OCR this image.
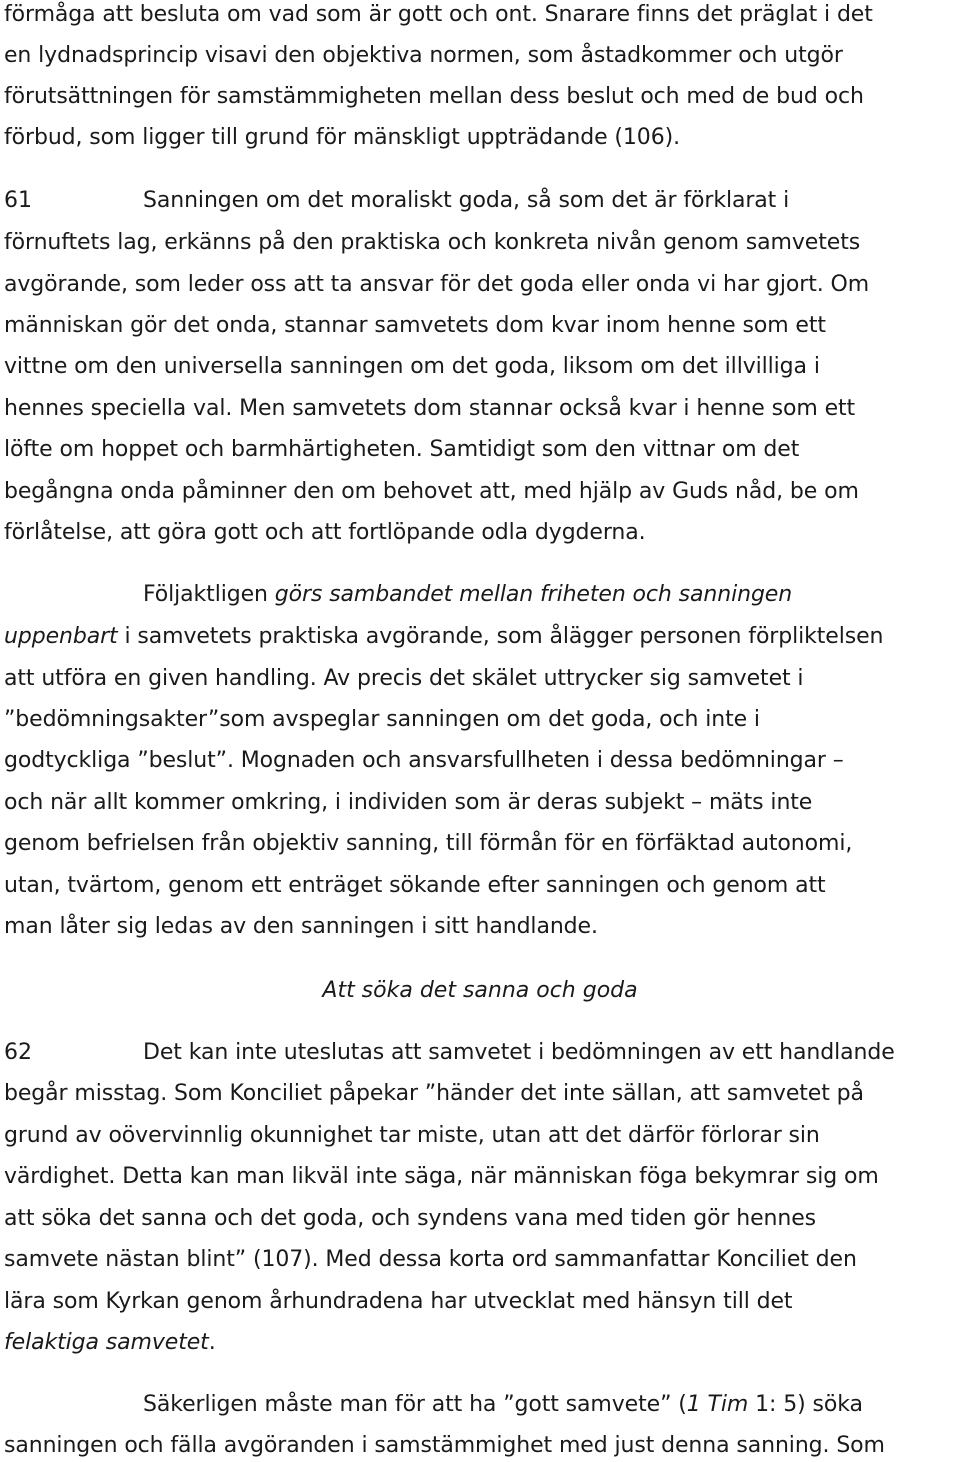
förmåga att besluta om vad som är gott och ont. Snarare finns det präglat i det
en lydnadsprincip visavi den objektiva normen, som åstadkommer och utgör
förutsättningen för samstämmigheten mellan dess beslut och med de bud och
förbud, som ligger till grund för mänskligt uppträdande (106).
61	Sanningen om det moraliskt goda, så som det är förklarat i
förnuftets lag, erkänns på den praktiska och konkreta nivån genom samvetets
avgörande, som leder oss att ta ansvar för det goda eller onda vi har gjort. Om
människan gör det onda, stannar samvetets dom kvar inom henne som ett
vittne om den universella sanningen om det goda, liksom om det illvilliga i
hennes speciella val. Men samvetets dom stannar också kvar i henne som ett
löfte om hoppet och barmhärtigheten. Samtidigt som den vittnar om det
begångna onda påminner den om behovet att, med hjälp av Guds nåd, be om
förlåtelse, att göra gott och att fortlöpande odla dygderna.
Följaktligen görs sambandet mellan friheten och sanningen
uppenbart i samvetets praktiska avgörande, som ålägger personen förpliktelsen
att utföra en given handling. Av precis det skälet uttrycker sig samvetet i
”bedömningsakter”som avspeglar sanningen om det goda, och inte i
godtyckliga ”beslut”. Mognaden och ansvarsfullheten i dessa bedömningar –
och när allt kommer omkring, i individen som är deras subjekt – mäts inte
genom befrielsen från objektiv sanning, till förmån för en förfäktad autonomi,
utan, tvärtom, genom ett enträget sökande efter sanningen och genom att
man låter sig ledas av den sanningen i sitt handlande.
Att söka det sanna och goda
62	Det kan inte uteslutas att samvetet i bedömningen av ett handlande
begår misstag. Som Konciliet påpekar ”händer det inte sällan, att samvetet på
grund av oövervinnlig okunnighet tar miste, utan att det därför förlorar sin
värdighet. Detta kan man likväl inte säga, när människan föga bekymrar sig om
att söka det sanna och det goda, och syndens vana med tiden gör hennes
samvete nästan blint” (107). Med dessa korta ord sammanfattar Konciliet den
lära som Kyrkan genom århundradena har utvecklat med hänsyn till det
felaktiga samvetet.
Säkerligen måste man för att ha ”gott samvete” (1 Tim 1: 5) söka
sanningen och fälla avgöranden i samstämmighet med just denna sanning. Som
